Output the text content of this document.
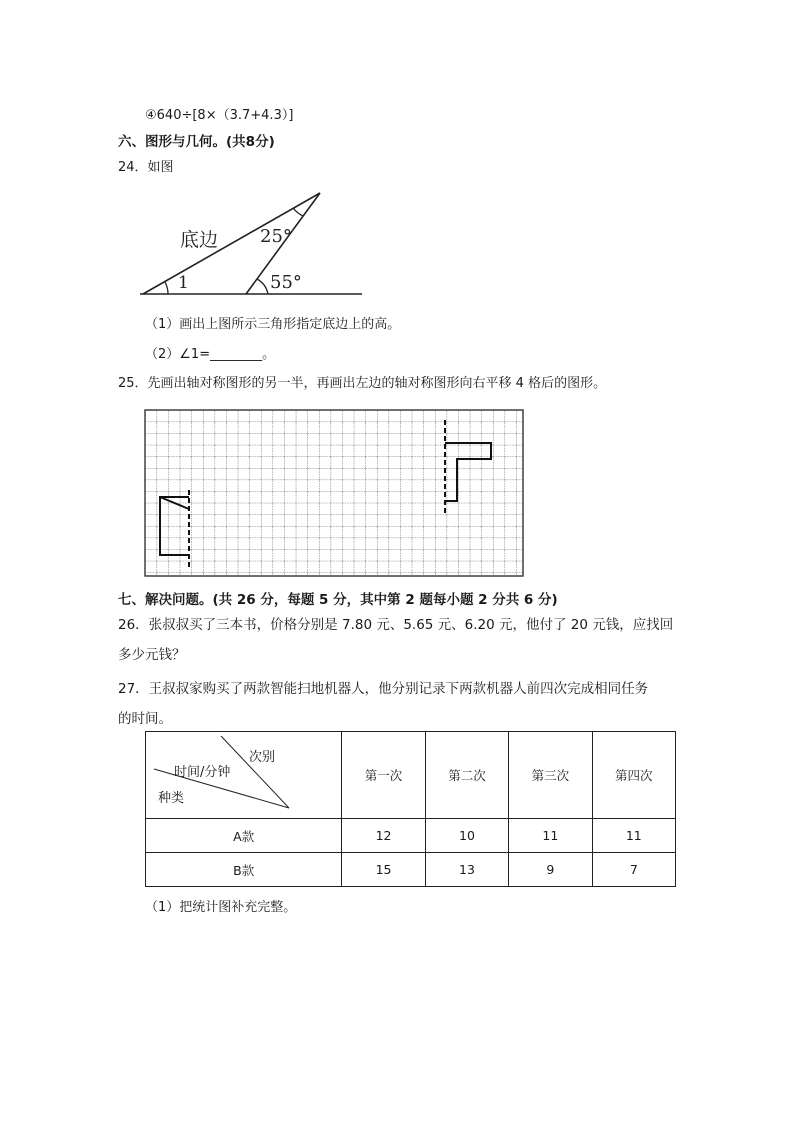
④640÷[8×（3.7+4.3）]
六、图形与几何。(共8分)
24．如图
底边 25°
55°
1
（1）画出上图所示三角形指定底边上的高。
（2）∠1=________。
25．先画出轴对称图形的另一半，再画出左边的轴对称图形向右平移 4 格后的图形。
七、解决问题。(共 26 分，每题 5 分，其中第 2 题每小题 2 分共 6 分)
26．张叔叔买了三本书，价格分别是 7.80 元、5.65 元、6.20 元，他付了 20 元钱，应找回
多少元钱？
27．王叔叔家购买了两款智能扫地机器人，他分别记录下两款机器人前四次完成相同任务
的时间。
次别
时间/分钟
种类	第一次	第二次	第三次	第四次
A款	12	10	11	11
B款	15	13	9	7
（1）把统计图补充完整。
